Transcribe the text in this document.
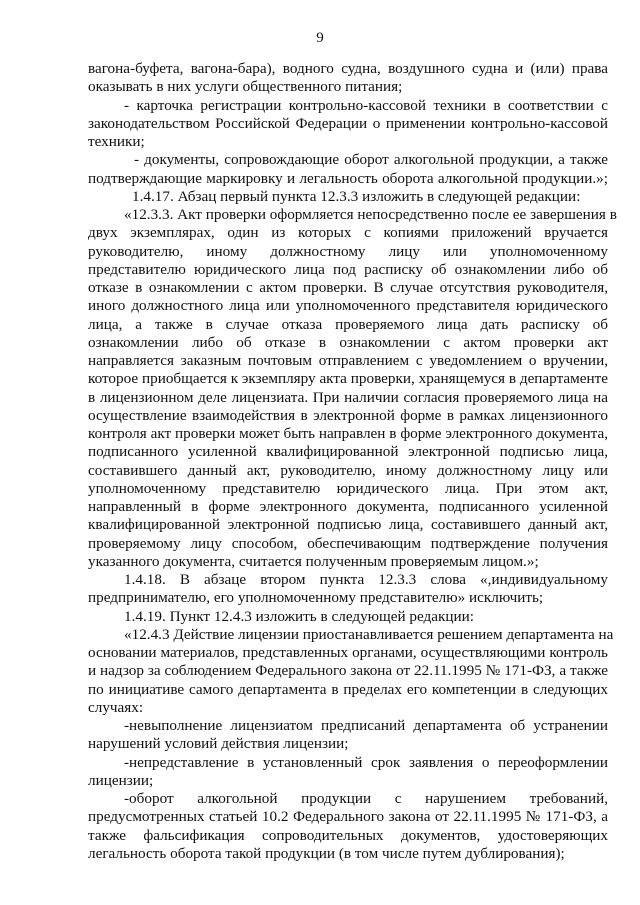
9
вагона-буфета, вагона-бара), водного судна, воздушного судна и (или) права
оказывать в них услуги общественного питания;
- карточка регистрации контрольно-кассовой техники в соответствии с
законодательством Российской Федерации о применении контрольно-кассовой
техники;
- документы, сопровождающие оборот алкогольной продукции, а также
подтверждающие маркировку и легальность оборота алкогольной продукции.»;
1.4.17. Абзац первый пункта 12.3.3 изложить в следующей редакции:
«12.3.3. Акт проверки оформляется непосредственно после ее завершения в
двух экземплярах, один из которых с копиями приложений вручается
руководителю, иному должностному лицу или уполномоченному
представителю юридического лица под расписку об ознакомлении либо об
отказе в ознакомлении с актом проверки. В случае отсутствия руководителя,
иного должностного лица или уполномоченного представителя юридического
лица, а также в случае отказа проверяемого лица дать расписку об
ознакомлении либо об отказе в ознакомлении с актом проверки акт
направляется заказным почтовым отправлением с уведомлением о вручении,
которое приобщается к экземпляру акта проверки, хранящемуся в департаменте
в лицензионном деле лицензиата. При наличии согласия проверяемого лица на
осуществление взаимодействия в электронной форме в рамках лицензионного
контроля акт проверки может быть направлен в форме электронного документа,
подписанного усиленной квалифицированной электронной подписью лица,
составившего данный акт, руководителю, иному должностному лицу или
уполномоченному представителю юридического лица. При этом акт,
направленный в форме электронного документа, подписанного усиленной
квалифицированной электронной подписью лица, составившего данный акт,
проверяемому лицу способом, обеспечивающим подтверждение получения
указанного документа, считается полученным проверяемым лицом.»;
1.4.18. В абзаце втором пункта 12.3.3 слова «,индивидуальному
предпринимателю, его уполномоченному представителю» исключить;
1.4.19. Пункт 12.4.3 изложить в следующей редакции:
«12.4.3 Действие лицензии приостанавливается решением департамента на
основании материалов, представленных органами, осуществляющими контроль
и надзор за соблюдением Федерального закона от 22.11.1995 № 171-ФЗ, а также
по инициативе самого департамента в пределах его компетенции в следующих
случаях:
-невыполнение лицензиатом предписаний департамента об устранении
нарушений условий действия лицензии;
-непредставление в установленный срок заявления о переоформлении
лицензии;
-оборот алкогольной продукции с нарушением требований,
предусмотренных статьей 10.2 Федерального закона от 22.11.1995 № 171-ФЗ, а
также фальсификация сопроводительных документов, удостоверяющих
легальность оборота такой продукции (в том числе путем дублирования);
